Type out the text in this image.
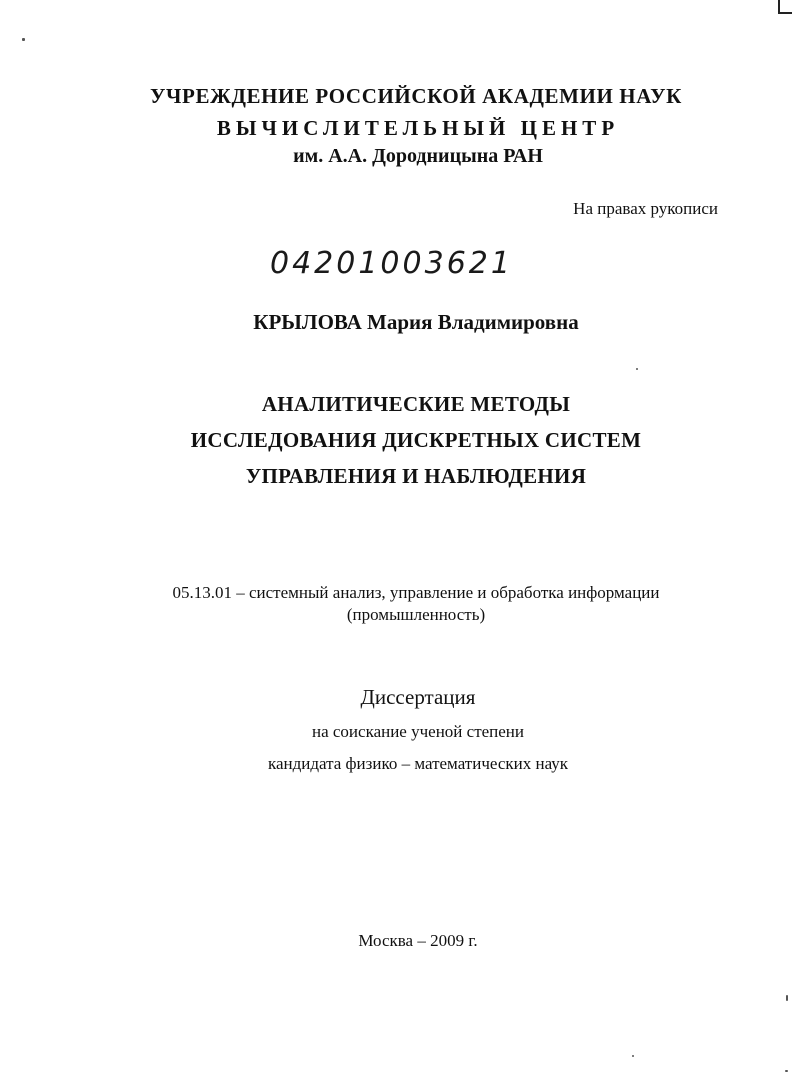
УЧРЕЖДЕНИЕ РОССИЙСКОЙ АКАДЕМИИ НАУК
ВЫЧИСЛИТЕЛЬНЫЙ ЦЕНТР
им. А.А. Дородницына РАН
На правах рукописи
04201003621
КРЫЛОВА Мария Владимировна
АНАЛИТИЧЕСКИЕ МЕТОДЫ
ИССЛЕДОВАНИЯ ДИСКРЕТНЫХ СИСТЕМ
УПРАВЛЕНИЯ И НАБЛЮДЕНИЯ
05.13.01 – системный анализ, управление и обработка информации
(промышленность)
Диссертация
на соискание ученой степени
кандидата физико – математических наук
Москва – 2009 г.
